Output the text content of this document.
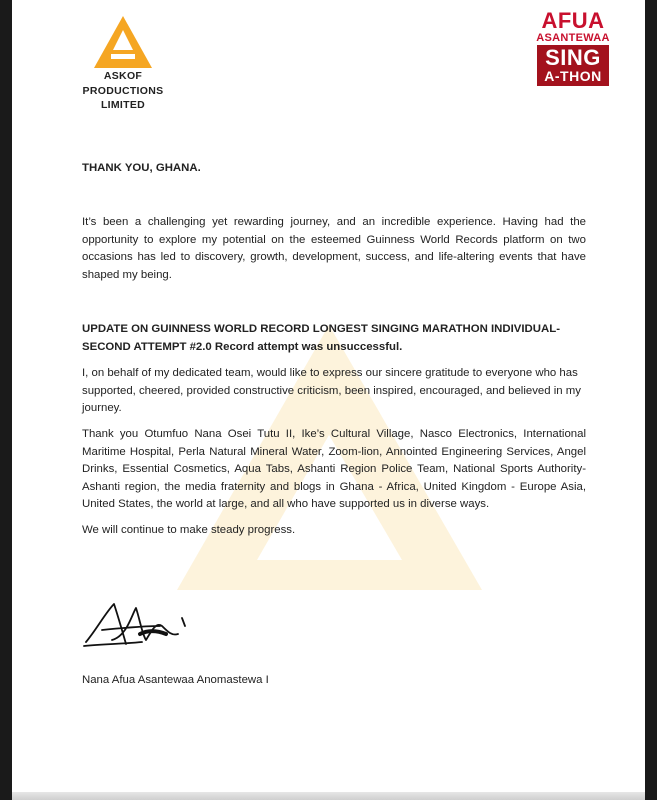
ASKOF
PRODUCTIONS
LIMITED
AFUA
ASANTEWAA
SING
A-THON
THANK YOU, GHANA.
It’s been a challenging yet rewarding journey, and an incredible experience. Having had the opportunity to explore my potential on the esteemed Guinness World Records platform on two occasions has led to discovery, growth, development, success, and life-altering events that have shaped my being.
UPDATE ON GUINNESS WORLD RECORD LONGEST SINGING MARATHON INDIVIDUAL- SECOND ATTEMPT #2.0 Record attempt was unsuccessful.
I, on behalf of my dedicated team, would like to express our sincere gratitude to everyone who has supported, cheered, provided constructive criticism, been inspired, encouraged, and believed in my journey.
Thank you Otumfuo Nana Osei Tutu II, Ike’s Cultural Village, Nasco Electronics, International Maritime Hospital, Perla Natural Mineral Water, Zoom-lion, Annointed Engineering Services, Angel Drinks, Essential Cosmetics, Aqua Tabs, Ashanti Region Police Team, National Sports Authority- Ashanti region, the media fraternity and blogs in Ghana - Africa, United Kingdom - Europe Asia, United States, the world at large, and all who have supported us in diverse ways.
We will continue to make steady progress.
Nana Afua Asantewaa Anomastewa I
